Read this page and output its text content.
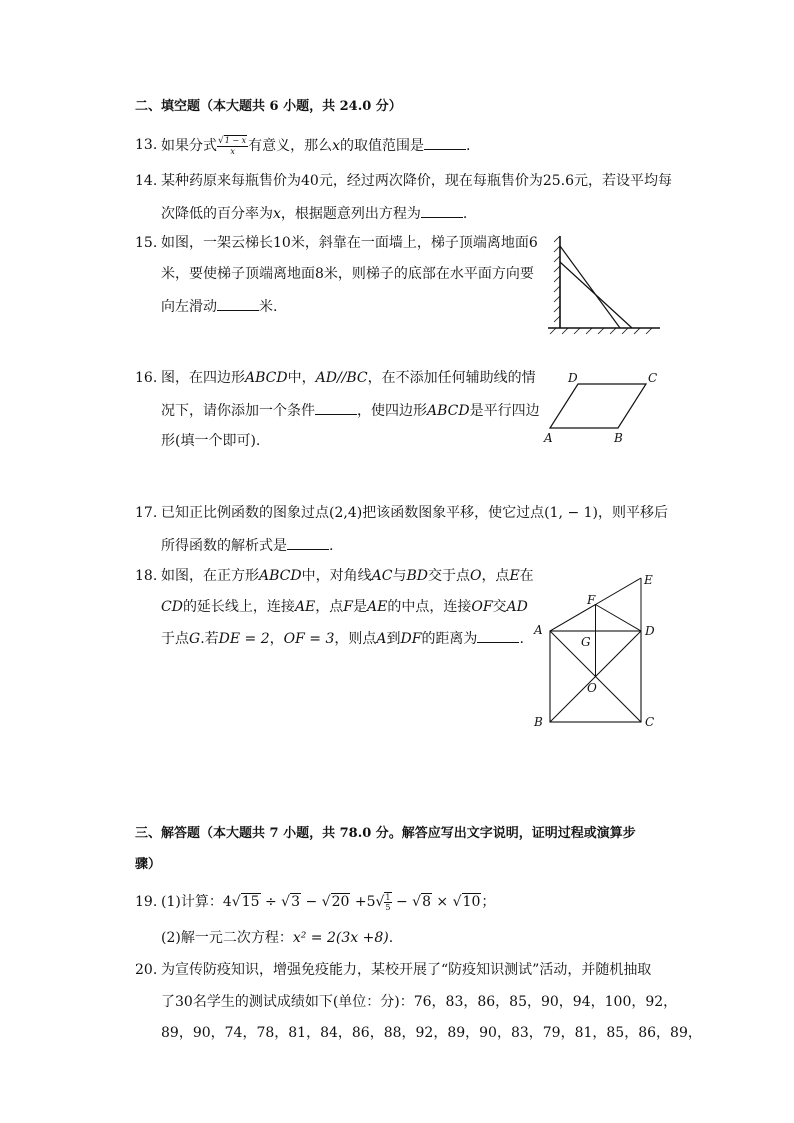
二、填空题（本大题共 6 小题，共 24.0 分）
13. 如果分式 $\frac{√1 - x}{x}$ 有意义，那么x的取值范围是	.
14. 某种药原来每瓶售价为40元，经过两次降价，现在每瓶售价为25.6元，若设平均每
次降低的百分率为x，根据题意列出方程为	.
15. 如图，一架云梯长10米，斜靠在一面墙上，梯子顶端离地面6
米，要使梯子顶端离地面8米，则梯子的底部在水平面方向要
向左滑动	米.
16. 图，在四边形ABCD中，AD//BC，在不添加任何辅助线的情
况下，请你添加一个条件	，使四边形ABCD是平行四边
形(填一个即可).	A	B
C
D
17. 已知正比例函数的图象过点(2,4)把该函数图象平移，使它过点(1, − 1)，则平移后
所得函数的解析式是	.
18. 如图，在正方形ABCD中，对角线AC与BD交于点O，点E在
CD的延长线上，连接AE，点F是AE的中点，连接OF交AD
于点G.若DE = 2，OF = 3，则点A到DF的距离为	.
A
B	C
D
E
F
G
O
三、解答题（本大题共 7 小题，共 78.0 分。解答应写出文字说明，证明过程或演算步
骤）
19. (1)计算：$4√15 \div √3 - √20 +5√ \frac{1}{5} - √8 \times √10$；
(2)解一元二次方程：x² = 2(3x +8).
20. 为宣传防疫知识，增强免疫能力，某校开展了“防疫知识测试”活动，并随机抽取
了30名学生的测试成绩如下(单位：分)：76，83，86，85，90，94，100，92，
89，90，74，78，81，84，86，88，92，89，90，83，79，81，85，86，89，
